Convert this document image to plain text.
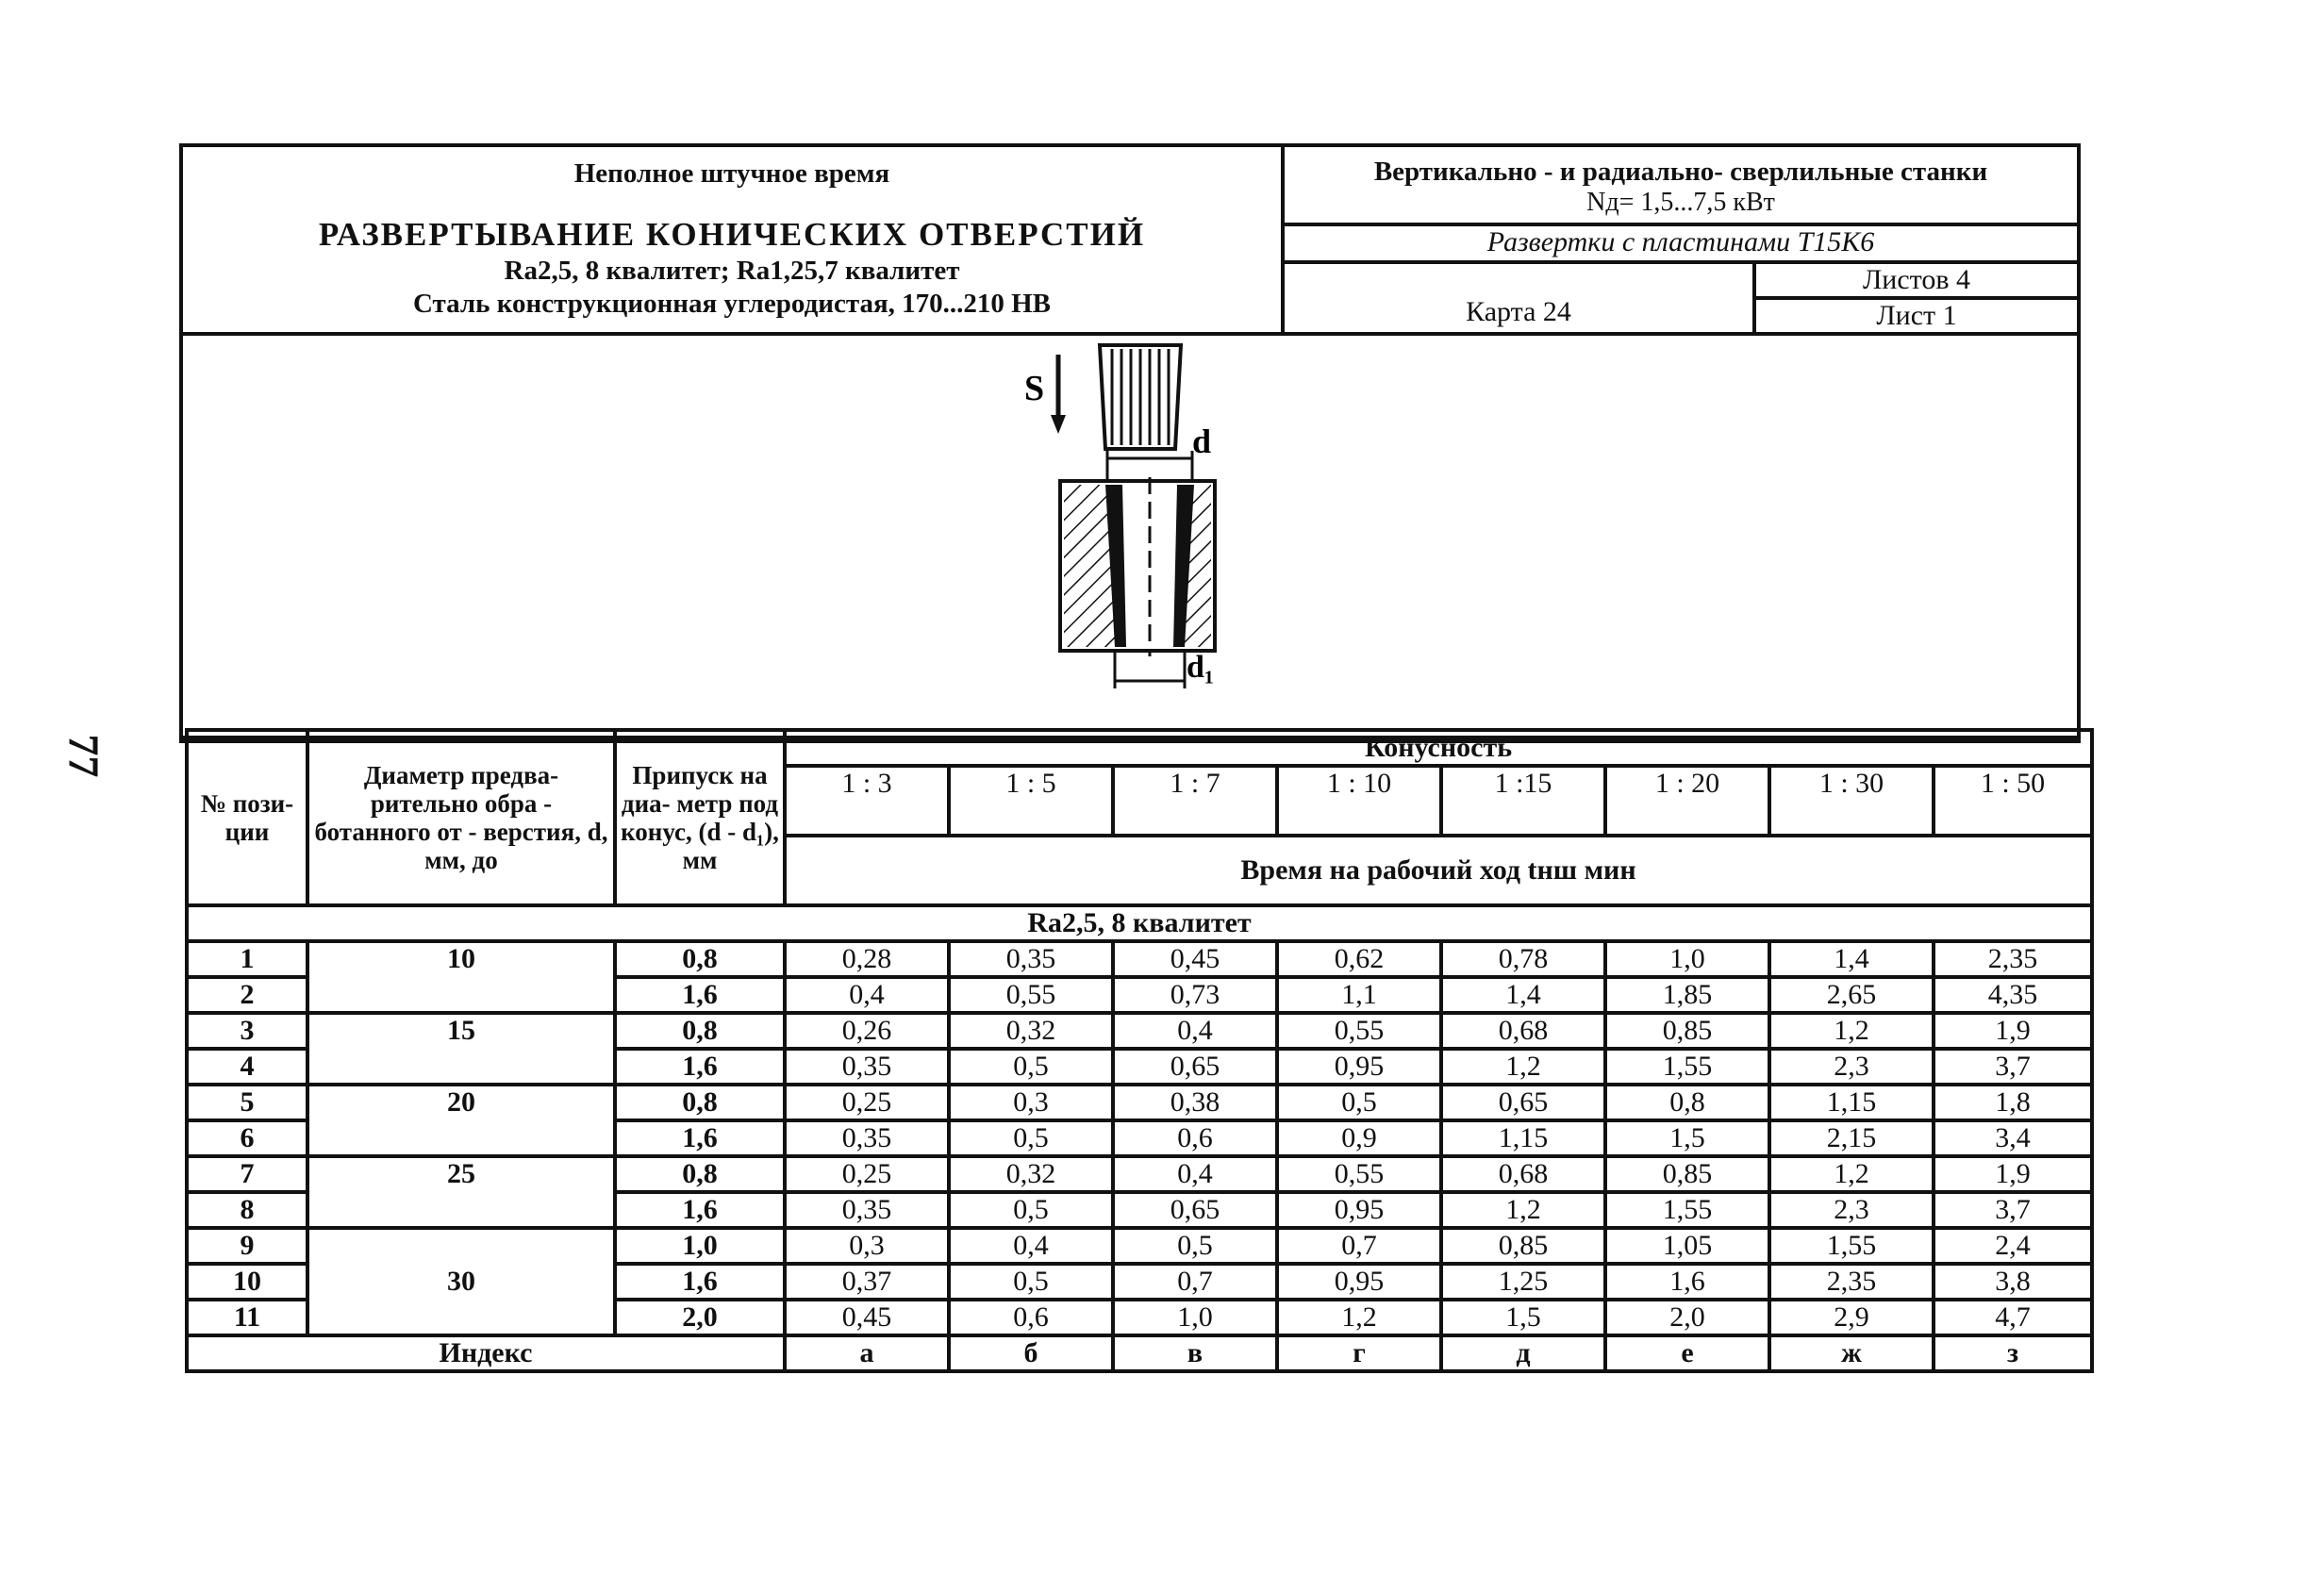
77
Неполное штучное время
РАЗВЕРТЫВАНИЕ КОНИЧЕСКИХ ОТВЕРСТИЙ
Ra2,5, 8 квалитет; Ra1,25,7 квалитет
Сталь конструкционная углеродистая, 170...210 НВ
Вертикально - и радиально- сверлильные станки
Nд= 1,5...7,5 кВт
Развертки с пластинами Т15К6
Карта 24
Листов 4
Лист 1
S
d
d₁
№ пози- ции	Диаметр предва- рительно обра - ботанного от - верстия, d, мм, до	Припуск на диа- метр под конус, (d - d₁), мм	Конусность							
			1 : 3	1 : 5	1 : 7	1 : 10	1 :15	1 : 20	1 : 30	1 : 50
			Время на рабочий ход tнш мин							
Ra2,5, 8 квалитет										
1	10	0,8	0,28	0,35	0,45	0,62	0,78	1,0	1,4	2,35
2		1,6	0,4	0,55	0,73	1,1	1,4	1,85	2,65	4,35
3	15	0,8	0,26	0,32	0,4	0,55	0,68	0,85	1,2	1,9
4		1,6	0,35	0,5	0,65	0,95	1,2	1,55	2,3	3,7
5	20	0,8	0,25	0,3	0,38	0,5	0,65	0,8	1,15	1,8
6		1,6	0,35	0,5	0,6	0,9	1,15	1,5	2,15	3,4
7	25	0,8	0,25	0,32	0,4	0,55	0,68	0,85	1,2	1,9
8		1,6	0,35	0,5	0,65	0,95	1,2	1,55	2,3	3,7
9	30	1,0	0,3	0,4	0,5	0,7	0,85	1,05	1,55	2,4
10		1,6	0,37	0,5	0,7	0,95	1,25	1,6	2,35	3,8
11		2,0	0,45	0,6	1,0	1,2	1,5	2,0	2,9	4,7
Индекс			а	б	в	г	д	е	ж	з
